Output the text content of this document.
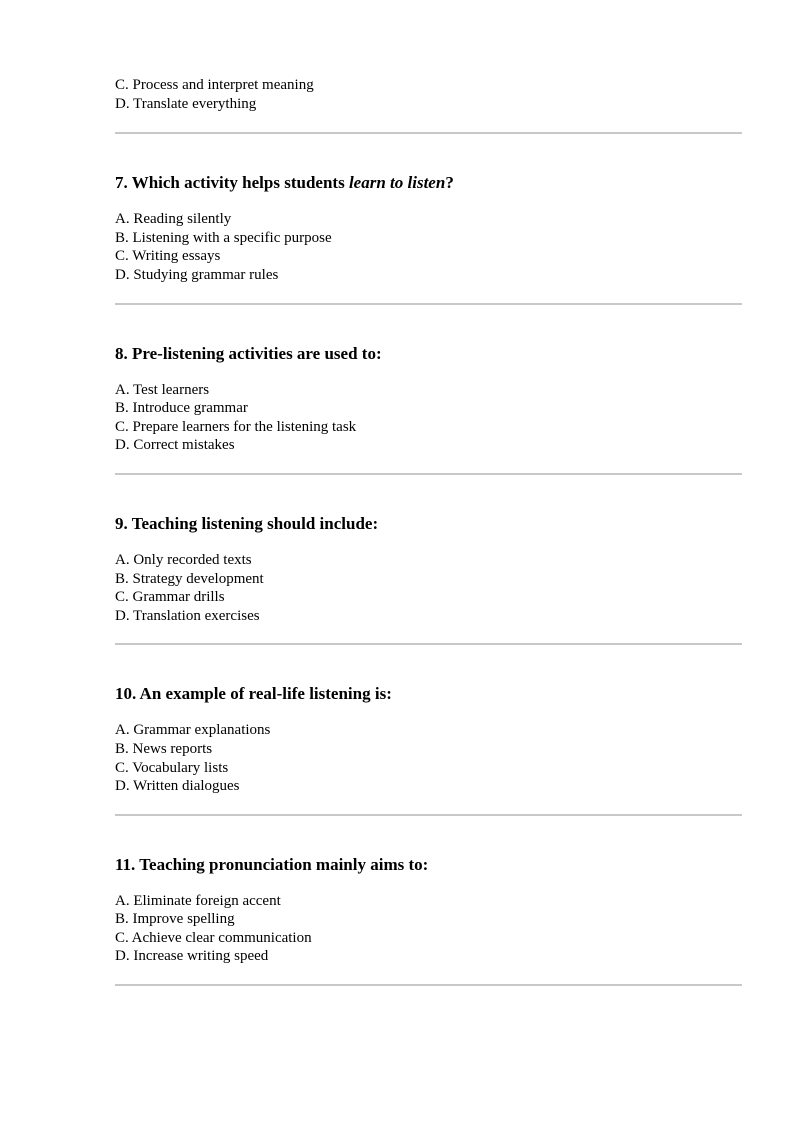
C. Process and interpret meaning
D. Translate everything

7. Which activity helps students learn to listen?

A. Reading silently
B. Listening with a specific purpose
C. Writing essays
D. Studying grammar rules

8. Pre-listening activities are used to:

A. Test learners
B. Introduce grammar
C. Prepare learners for the listening task
D. Correct mistakes

9. Teaching listening should include:

A. Only recorded texts
B. Strategy development
C. Grammar drills
D. Translation exercises

10. An example of real-life listening is:

A. Grammar explanations
B. News reports
C. Vocabulary lists
D. Written dialogues

11. Teaching pronunciation mainly aims to:

A. Eliminate foreign accent
B. Improve spelling
C. Achieve clear communication
D. Increase writing speed
